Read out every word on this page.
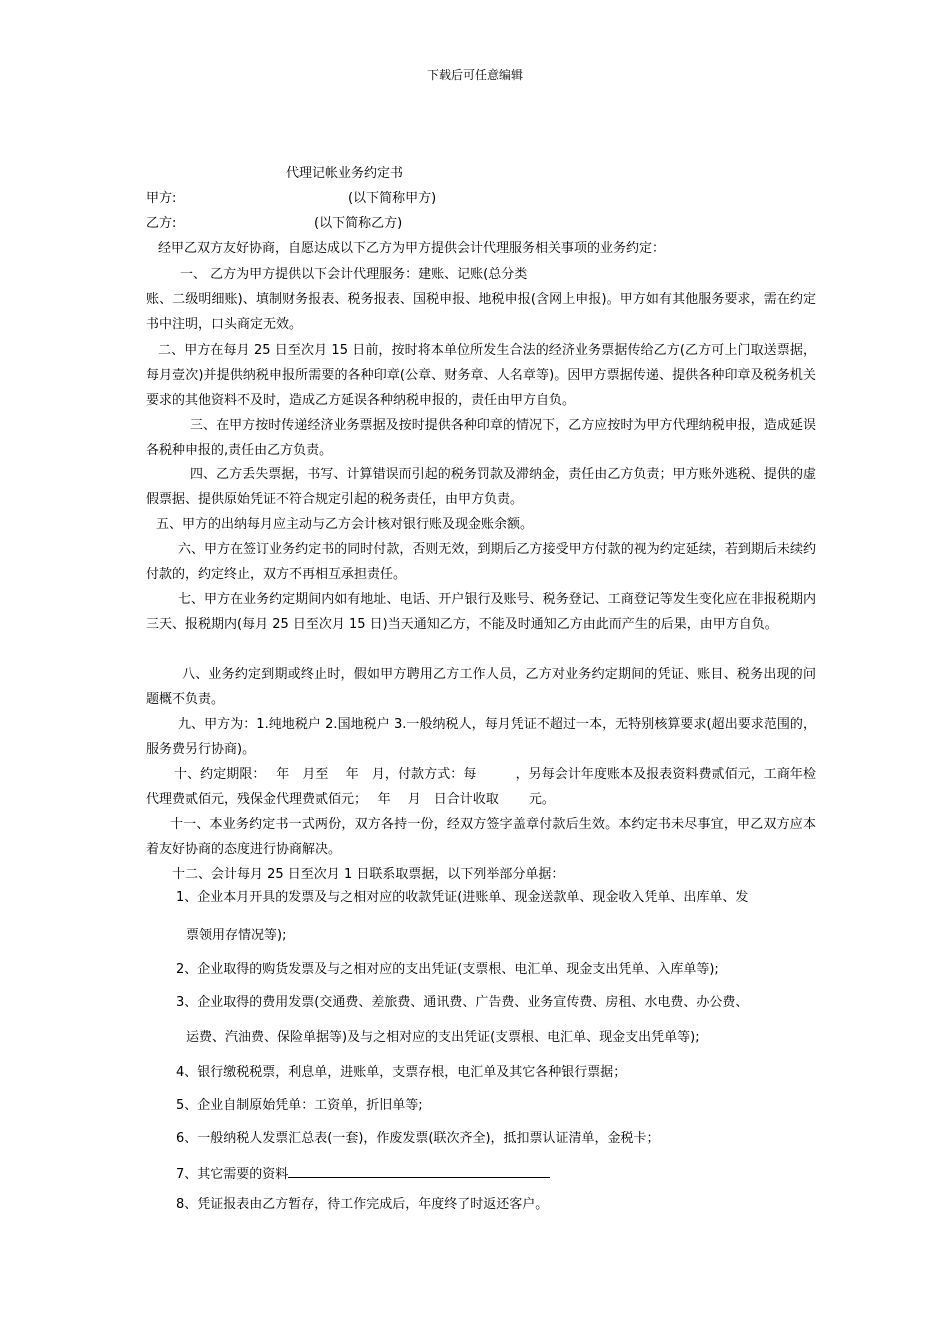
下载后可任意编辑
代理记帐业务约定书
甲方:	(以下简称甲方)
乙方:	(以下简称乙方)
经甲乙双方友好协商，自愿达成以下乙方为甲方提供会计代理服务相关事项的业务约定：
一、 乙方为甲方提供以下会计代理服务：建账、记账(总分类
账、二级明细账)、填制财务报表、税务报表、国税申报、地税申报(含网上申报)。甲方如有其他服务要求，需在约定书中注明，口头商定无效。
二、甲方在每月 25 日至次月 15 日前，按时将本单位所发生合法的经济业务票据传给乙方(乙方可上门取送票据，每月壹次)并提供纳税申报所需要的各种印章(公章、财务章、人名章等)。因甲方票据传递、提供各种印章及税务机关要求的其他资料不及时，造成乙方延误各种纳税申报的，责任由甲方自负。
三、在甲方按时传递经济业务票据及按时提供各种印章的情况下，乙方应按时为甲方代理纳税申报，造成延误各税种申报的,责任由乙方负责。
四、乙方丢失票据，书写、计算错误而引起的税务罚款及滞纳金，责任由乙方负责；甲方账外逃税、提供的虚假票据、提供原始凭证不符合规定引起的税务责任，由甲方负责。
五、甲方的出纳每月应主动与乙方会计核对银行账及现金账余额。
六、甲方在签订业务约定书的同时付款，否则无效，到期后乙方接受甲方付款的视为约定延续，若到期后未续约付款的，约定终止，双方不再相互承担责任。
七、甲方在业务约定期间内如有地址、电话、开户银行及账号、税务登记、工商登记等发生变化应在非报税期内三天、报税期内(每月 25 日至次月 15 日)当天通知乙方，不能及时通知乙方由此而产生的后果，由甲方自负。
八、业务约定到期或终止时，假如甲方聘用乙方工作人员，乙方对业务约定期间的凭证、账目、税务出现的问题概不负责。
九、甲方为：1.纯地税户 2.国地税户 3.一般纳税人，每月凭证不超过一本，无特别核算要求(超出要求范围的，服务费另行协商)。
十、约定期限：　 年　月至　 年　月，付款方式：每　　　，另每会计年度账本及报表资料费贰佰元，工商年检代理费贰佰元，残保金代理费贰佰元；　 年　 月　日合计收取　　 元。
十一、本业务约定书一式两份，双方各持一份，经双方签字盖章付款后生效。本约定书未尽事宜，甲乙双方应本着友好协商的态度进行协商解决。
十二、会计每月 25 日至次月 1 日联系取票据，以下列举部分单据：
1、企业本月开具的发票及与之相对应的收款凭证(进账单、现金送款单、现金收入凭单、出库单、发
票领用存情况等);
2、企业取得的购货发票及与之相对应的支出凭证(支票根、电汇单、现金支出凭单、入库单等);
3、企业取得的费用发票(交通费、差旅费、通讯费、广告费、业务宣传费、房租、水电费、办公费、
运费、汽油费、保险单据等)及与之相对应的支出凭证(支票根、电汇单、现金支出凭单等);
4、银行缴税税票，利息单，进账单，支票存根，电汇单及其它各种银行票据；
5、企业自制原始凭单：工资单，折旧单等;
6、一般纳税人发票汇总表(一套)，作废发票(联次齐全)，抵扣票认证清单，金税卡；
7、其它需要的资料
8、凭证报表由乙方暂存，待工作完成后，年度终了时返还客户。
